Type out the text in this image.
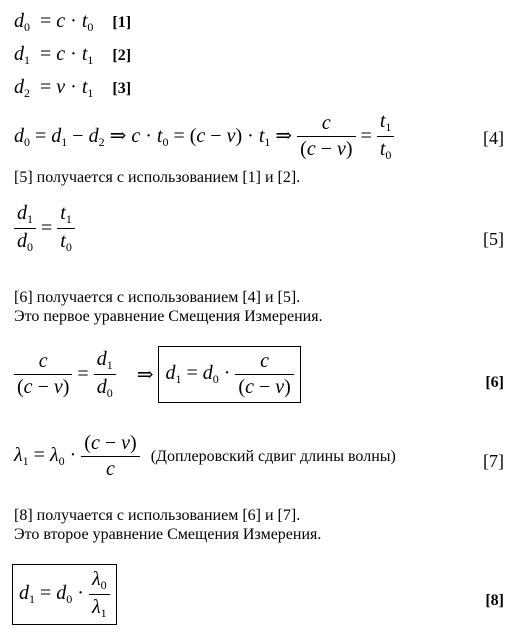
$d_0 = c \cdot t_0$ [1]
$d_1 = c \cdot t_1$ [2]
$d_2 = v \cdot t_1$ [3]
$d_0 = d_1 - d_2$ ⇒ $c \cdot t_0 = (c - v) \cdot t_1$ ⇒ $\frac{c}{(c - v)} = \frac{t_1}{t_0}$	[4]
[5] получается с использованием [1] и [2].
$\frac{d_1}{d_0} = \frac{t_1}{t_0}$	[5]
[6] получается с использованием [4] и [5].
Это первое уравнение Смещения Измерения.
$\frac{c}{(c - v)} = \frac{d_1}{d_0}$ ⇒ $d_1 = d_0 \cdot \frac{c}{(c - v)}$	[6]
$\lambda_1 = \lambda_0 \cdot \frac{(c - v)}{c}$ (Доплеровский сдвиг длины волны)	[7]
[8] получается с использованием [6] и [7].
Это второе уравнение Смещения Измерения.
$d_1 = d_0 \cdot \frac{\lambda_0}{\lambda_1}$	[8]
